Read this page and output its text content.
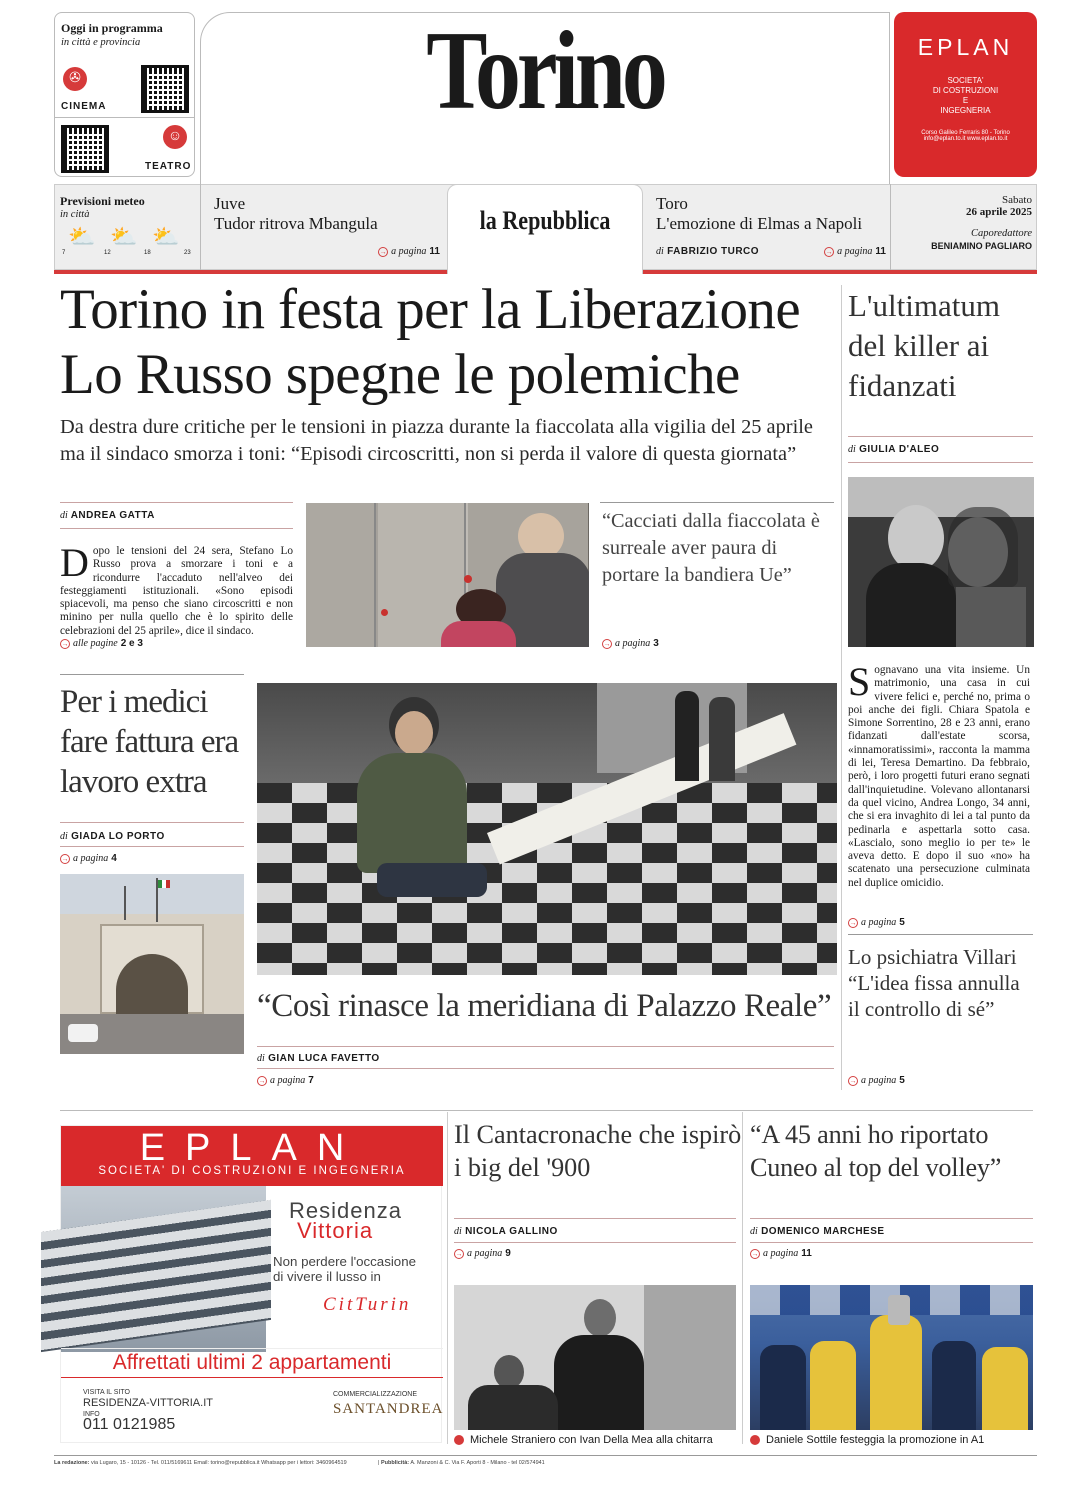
Oggi in programma
in città e provincia
✇
CINEMA
☺
TEATRO
Torino	EPLAN
SOCIETA'
DI COSTRUZIONI
E
INGEGNERIA
Corso Galileo Ferraris 80 - Torino
info@eplan.to.it www.eplan.to.it
Previsioni meteo
in città
⛅ ⛅ ⛅
7	12	18	23
Juve
Tudor ritrova Mbangula
→ a pagina 11
la Repubblica
Toro
L'emozione di Elmas a Napoli
di FABRIZIO TURCO	→ a pagina 11
Sabato
26 aprile 2025
Caporedattore
BENIAMINO PAGLIARO
Torino in festa per la Liberazione
Lo Russo spegne le polemiche
Da destra dure critiche per le tensioni in piazza durante la fiaccolata alla vigilia del 25 aprile
ma il sindaco smorza i toni: “Episodi circoscritti, non si perda il valore di questa giornata”
di ANDREA GATTA
Dopo le tensioni del 24 sera, Stefano Lo Russo prova a smorzare i toni e a ricondurre l'accaduto nell'alveo dei festeggiamenti istituzionali. «Sono episodi spiacevoli, ma penso che siano circoscritti e non minino per nulla quello che è lo spirito delle celebrazioni del 25 aprile», dice il sindaco.
→ alle pagine 2 e 3
“Cacciati dalla fiaccolata è surreale aver paura di portare la bandiera Ue”
→ a pagina 3
L'ultimatum del killer ai fidanzati
di GIULIA D'ALEO
Sognavano una vita insieme. Un matrimonio, una casa in cui vivere felici e, perché no, prima o poi anche dei figli. Chiara Spatola e Simone Sorrentino, 28 e 23 anni, erano fidanzati dall'estate scorsa, «innamoratissimi», racconta la mamma di lei, Teresa Demartino. Da febbraio, però, i loro progetti futuri erano segnati dall'inquietudine. Volevano allontanarsi da quel vicino, Andrea Longo, 34 anni, che si era invaghito di lei a tal punto da pedinarla e aspettarla sotto casa. «Lascialo, sono meglio io per te» le aveva detto. E dopo il suo «no» ha scatenato una persecuzione culminata nel duplice omicidio.
→ a pagina 5
Lo psichiatra Villari “L'idea fissa annulla il controllo di sé”
→ a pagina 5
Per i medici fare fattura era lavoro extra
di GIADA LO PORTO
→ a pagina 4
“Così rinasce la meridiana di Palazzo Reale”
di GIAN LUCA FAVETTO
→ a pagina 7
EPLAN
SOCIETA' DI COSTRUZIONI E INGEGNERIA
Residenza
Vittoria
Non perdere l'occasione
di vivere il lusso in
CitTurin
Affrettati ultimi 2 appartamenti
VISITA IL SITO
RESIDENZA-VITTORIA.IT
INFO
011 0121985
COMMERCIALIZZAZIONE
SANTANDREA
Il Cantacronache che ispirò i big del '900
di NICOLA GALLINO
→ a pagina 9
Michele Straniero con Ivan Della Mea alla chitarra
“A 45 anni ho riportato Cuneo al top del volley”
di DOMENICO MARCHESE
→ a pagina 11
Daniele Sottile festeggia la promozione in A1
La redazione: via Lugaro, 15 - 10126 - Tel. 011/5169611 Email: torino@repubblica.it Whatsapp per i lettori: 3460964519	| Pubblicità: A. Manzoni & C. Via F. Aporti 8 - Milano - tel 02/574941
